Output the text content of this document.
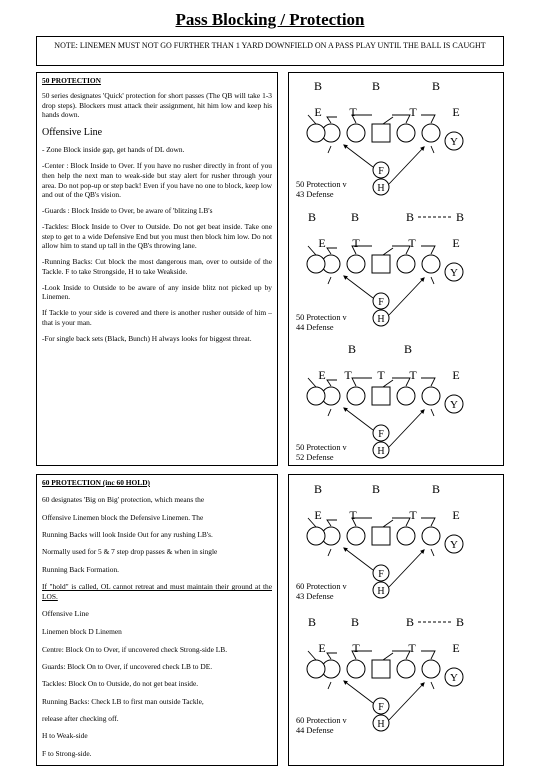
Pass Blocking / Protection
NOTE: LINEMEN MUST NOT GO FURTHER THAN 1 YARD DOWNFIELD ON A PASS PLAY UNTIL THE BALL IS CAUGHT

50 PROTECTION

50 series designates 'Quick' protection for short passes (The QB will take 1-3 drop steps). Blockers must attack their assignment, hit him low and keep his hands down.

Offensive Line

- Zone Block inside gap, get hands of DL down.

-Center : Block Inside to Over. If you have no rusher directly in front of you then help the next man to weak-side but stay alert for rusher through your area. Do not pop-up or step back! Even if you have no one to block, keep low and out of the QB's vision.

-Guards : Block Inside to Over, be aware of 'blitzing LB's

-Tackles: Block Inside to Over to Outside. Do not get beat inside. Take one step to get to a wide Defensive End but you must then block him low. Do not allow him to stand up tall in the QB's throwing lane.

-Running Backs: Cut block the most dangerous man, over to outside of the Tackle. F to take Strongside, H to take Weakside.

-Look Inside to Outside to be aware of any inside blitz not picked up by Linemen.

If Tackle to your side is covered and there is another rusher outside of him – that is your man.

-For single back sets (Black, Bunch) H always looks for biggest threat.

60 PROTECTION (inc 60 HOLD)

60 designates 'Big on Big' protection, which means the

Offensive Linemen block the Defensive Linemen. The

Running Backs will look Inside Out for any rushing LB's.

Normally used for 5 & 7 step drop passes & when in single

Running Back Formation.

If "hold" is called, OL cannot retreat and must maintain their ground at the LOS.

Offensive Line

Linemen block D Linemen

Centre: Block On to Over, if uncovered check Strong-side LB.

Guards: Block On to Over, if uncovered check LB to DE.

Tackles: Block On to Outside, do not get beat inside.

Running Backs: Check LB to first man outside Tackle,

release after checking off.

H to Weak-side

F to Strong-side.

B	B	B
E T	T	E
Y
F
H
B	B	B	B
E T	T	E
Y
F
H
B	B
E T T T	E
Y
F
H
B	B	B
E T	T	E
Y
F
H
B	B	B	B
E T	T	E
Y
F
H
50 Protection v
43 Defense
50 Protection v
44 Defense
50 Protection v
52 Defense
60 Protection v
43 Defense
60 Protection v
44 Defense
